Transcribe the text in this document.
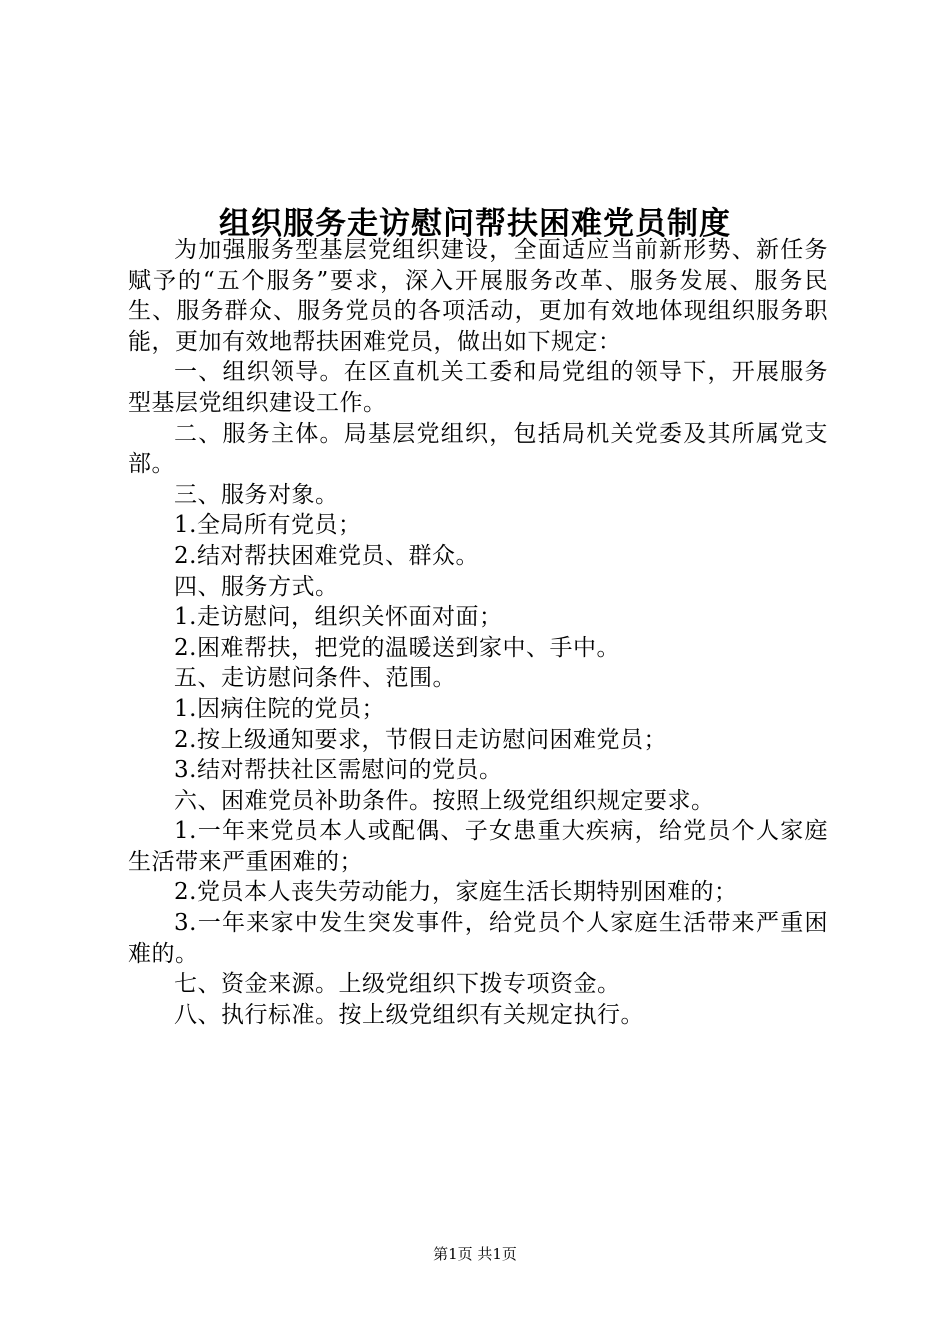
组织服务走访慰问帮扶困难党员制度

为加强服务型基层党组织建设，全面适应当前新形势、新任务赋予的“五个服务”要求，深入开展服务改革、服务发展、服务民生、服务群众、服务党员的各项活动，更加有效地体现组织服务职能，更加有效地帮扶困难党员，做出如下规定：

一、组织领导。在区直机关工委和局党组的领导下，开展服务型基层党组织建设工作。

二、服务主体。局基层党组织，包括局机关党委及其所属党支部。

三、服务对象。

1.全局所有党员；

2.结对帮扶困难党员、群众。

四、服务方式。

1.走访慰问，组织关怀面对面；

2.困难帮扶，把党的温暖送到家中、手中。

五、走访慰问条件、范围。

1.因病住院的党员；

2.按上级通知要求，节假日走访慰问困难党员；

3.结对帮扶社区需慰问的党员。

六、困难党员补助条件。按照上级党组织规定要求。

1.一年来党员本人或配偶、子女患重大疾病，给党员个人家庭生活带来严重困难的；

2.党员本人丧失劳动能力，家庭生活长期特别困难的；

3.一年来家中发生突发事件，给党员个人家庭生活带来严重困难的。

七、资金来源。上级党组织下拨专项资金。

八、执行标准。按上级党组织有关规定执行。

第1页 共1页
